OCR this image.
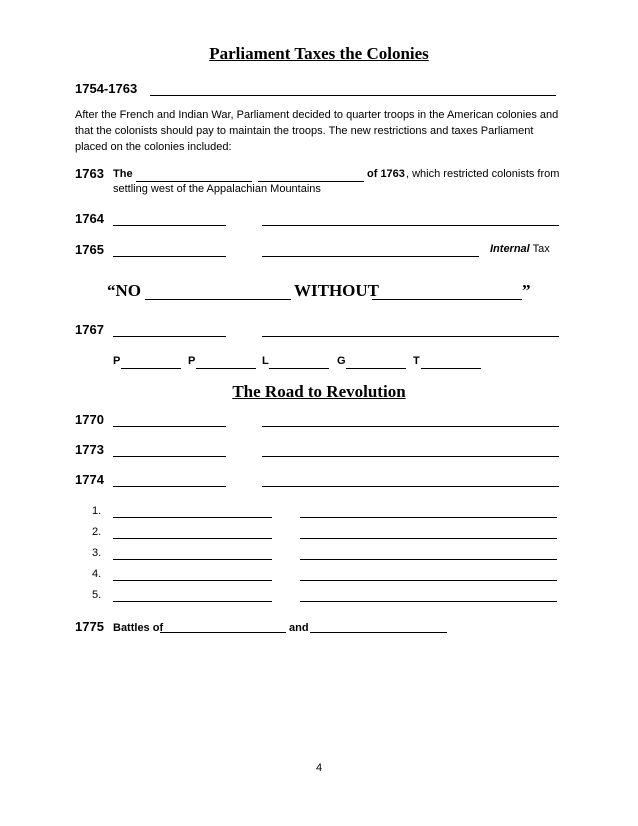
Parliament Taxes the Colonies
1754-1763
After the French and Indian War, Parliament decided to quarter troops in the American colonies and that the colonists should pay to maintain the troops. The new restrictions and taxes Parliament placed on the colonies included:
1763 The	of 1763 , which restricted colonists from
settling west of the Appalachian Mountains
1764
1765	Internal Tax
“NO	WITHOUT	”
1767
P	P	L	G	T
The Road to Revolution
1770
1773
1774
1.
2.
3.
4.
5.
1775 Battles of	and
4
